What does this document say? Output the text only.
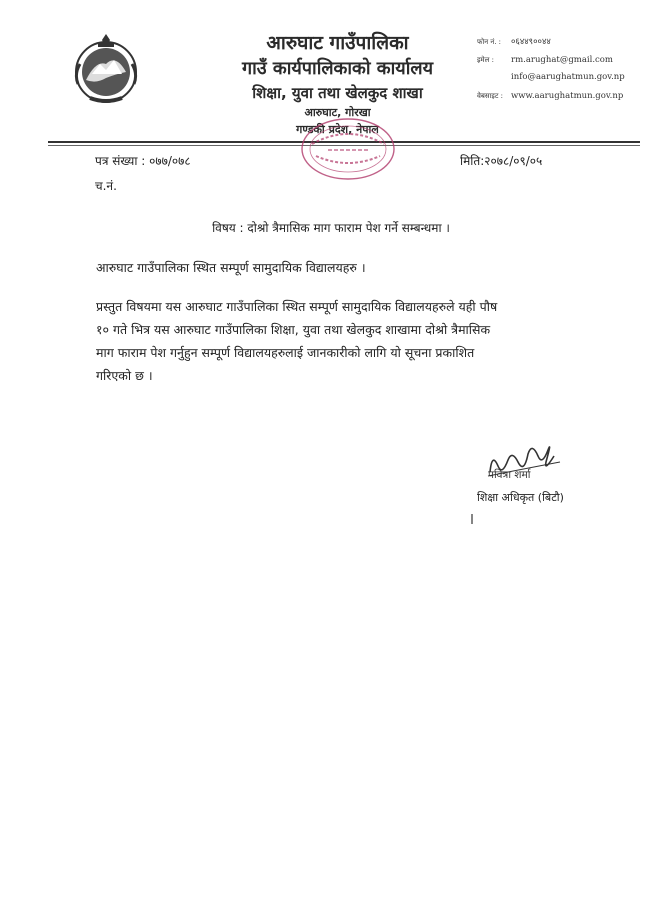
आरुघाट गाउँपालिका
गाउँ कार्यपालिकाको कार्यालय
शिक्षा, युवा तथा खेलकुद शाखा
आरुघाट, गोरखा
गण्डकी प्रदेश, नेपाल
फोन नं. : ०६४४९००४४
इमेल : rm.arughat@gmail.com
info@aarughatmun.gov.np
वेबसाइट : www.aarughatmun.gov.np
पत्र संख्या : ०७७/०७८	मिति:२०७८/०९/०५
च.नं.
विषय : दोश्रो त्रैमासिक माग फाराम पेश गर्ने सम्बन्धमा ।
आरुघाट गाउँपालिका स्थित सम्पूर्ण सामुदायिक विद्यालयहरु ।
प्रस्तुत विषयमा यस आरुघाट गाउँपालिका स्थित सम्पूर्ण सामुदायिक विद्यालयहरुले यही पौष
१० गते भित्र यस आरुघाट गाउँपालिका शिक्षा, युवा तथा खेलकुद शाखामा दोश्रो त्रैमासिक
माग फाराम पेश गर्नुहुन सम्पूर्ण विद्यालयहरुलाई जानकारीको लागि यो सूचना प्रकाशित
गरिएको छ ।
पवित्रा शर्मा
शिक्षा अधिकृत (बिटौ)
